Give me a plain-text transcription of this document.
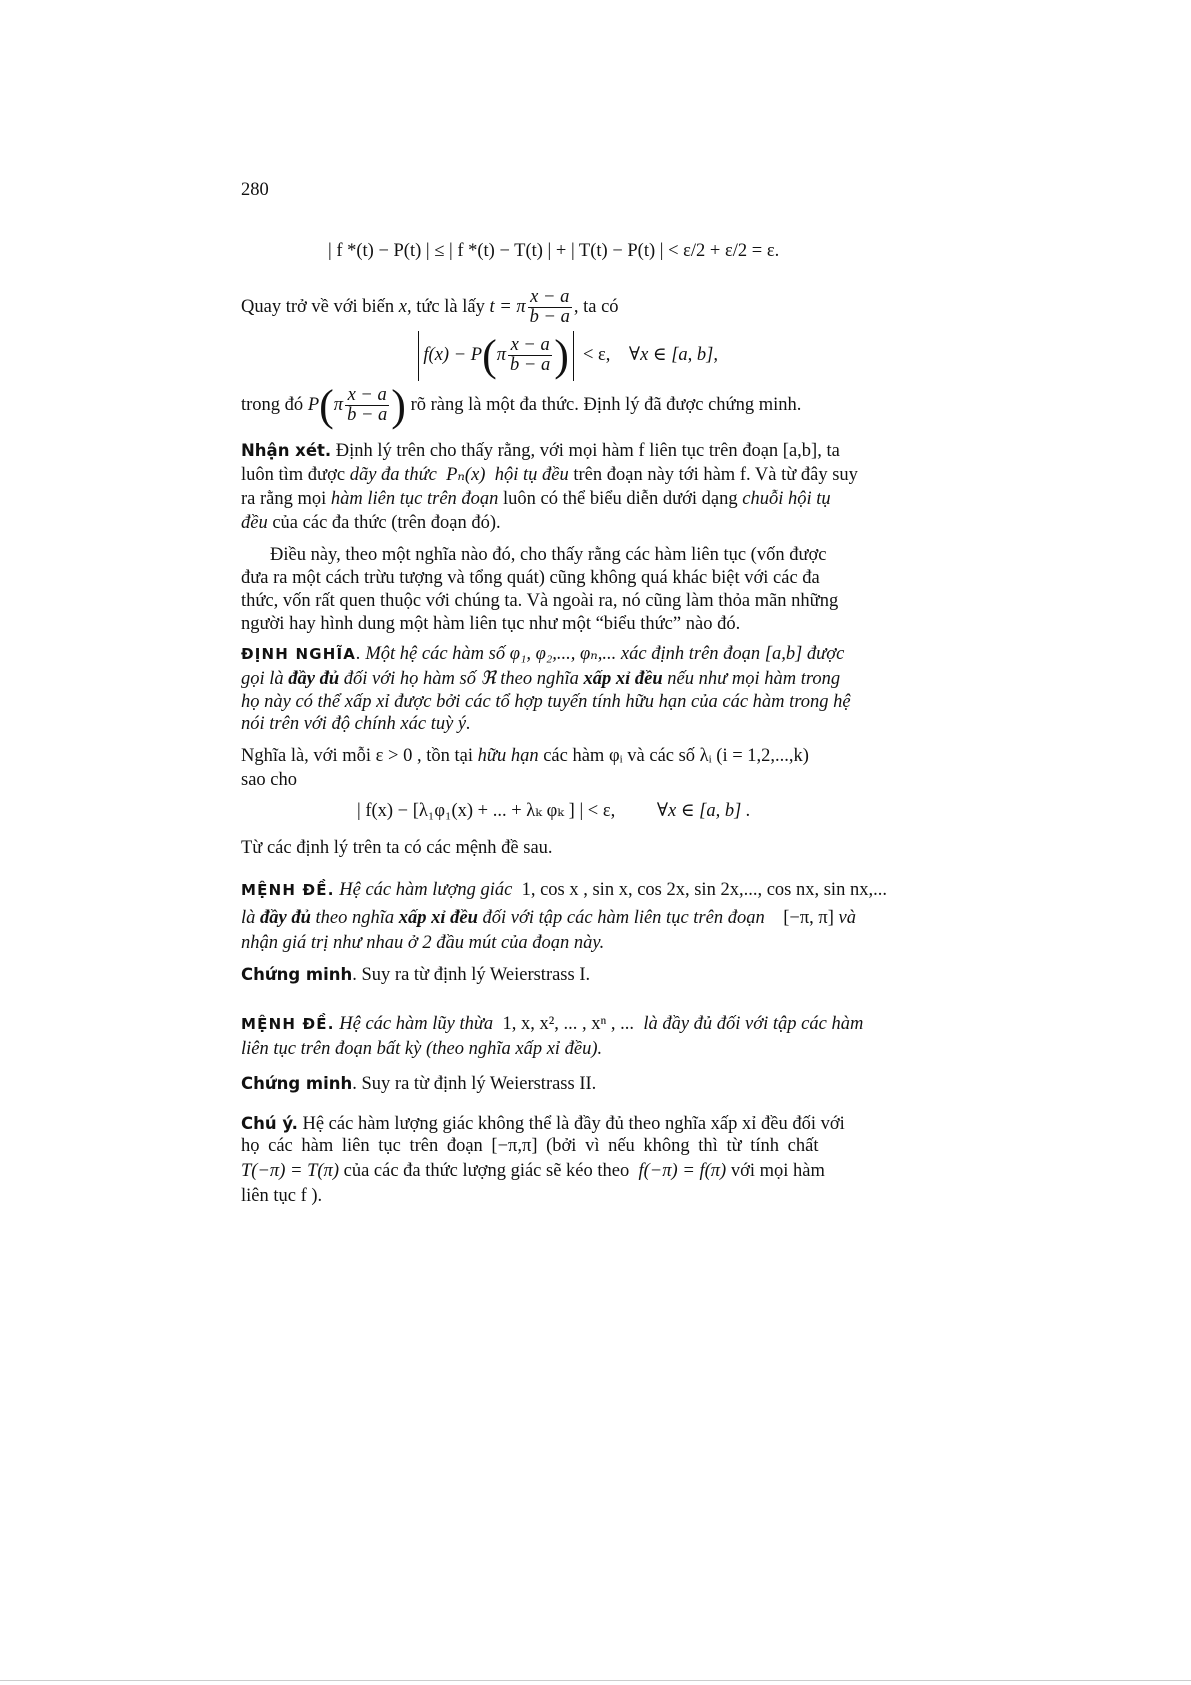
280
| f *(t) − P(t) | ≤ | f *(t) − T(t) | + | T(t) − P(t) | < ε/2 + ε/2 = ε.
Quay trở về với biến x, tức là lấy t = π $\frac{x - a}{b - a}$ , ta có
$f(x) - P(\pi \frac{x - a}{b - a}$ ) < ε, ∀x ∈ [a, b],
trong đó $P(\pi \frac{x - a}{b - a}$ ) rõ ràng là một đa thức. Định lý đã được chứng minh.
Nhận xét. Định lý trên cho thấy rằng, với mọi hàm f liên tục trên đoạn [a,b], ta
luôn tìm được dãy đa thức Pₙ(x) hội tụ đều trên đoạn này tới hàm f. Và từ đây suy
ra rằng mọi hàm liên tục trên đoạn luôn có thể biểu diễn dưới dạng chuỗi hội tụ
đều của các đa thức (trên đoạn đó).
Điều này, theo một nghĩa nào đó, cho thấy rằng các hàm liên tục (vốn được
đưa ra một cách trừu tượng và tổng quát) cũng không quá khác biệt với các đa
thức, vốn rất quen thuộc với chúng ta. Và ngoài ra, nó cũng làm thỏa mãn những
người hay hình dung một hàm liên tục như một “biểu thức” nào đó.
ĐỊNH NGHĨA. Một hệ các hàm số φ₁, φ₂,..., φₙ,... xác định trên đoạn [a,b] được
gọi là đầy đủ đối với họ hàm số ℜ theo nghĩa xấp xỉ đều nếu như mọi hàm trong
họ này có thể xấp xỉ được bởi các tổ hợp tuyến tính hữu hạn của các hàm trong hệ
nói trên với độ chính xác tuỳ ý.
Nghĩa là, với mỗi ε > 0 , tồn tại hữu hạn các hàm φᵢ và các số λᵢ (i = 1,2,...,k)
sao cho
| f(x) − [λ₁φ₁(x) + ... + λₖ φₖ ] | < ε, ∀x ∈ [a, b] .
Từ các định lý trên ta có các mệnh đề sau.
MỆNH ĐỀ. Hệ các hàm lượng giác 1, cos x , sin x, cos 2x, sin 2x,..., cos nx, sin nx,...
là đầy đủ theo nghĩa xấp xỉ đều đối với tập các hàm liên tục trên đoạn [−π, π] và
nhận giá trị như nhau ở 2 đầu mút của đoạn này.
Chứng minh. Suy ra từ định lý Weierstrass I.
MỆNH ĐỀ. Hệ các hàm lũy thừa 1, x, x², ... , xⁿ , ... là đầy đủ đối với tập các hàm
liên tục trên đoạn bất kỳ (theo nghĩa xấp xỉ đều).
Chứng minh. Suy ra từ định lý Weierstrass II.
Chú ý. Hệ các hàm lượng giác không thể là đầy đủ theo nghĩa xấp xỉ đều đối với
họ các hàm liên tục trên đoạn [−π,π] (bởi vì nếu không thì từ tính chất
T(−π) = T(π) của các đa thức lượng giác sẽ kéo theo f(−π) = f(π) với mọi hàm
liên tục f ).
